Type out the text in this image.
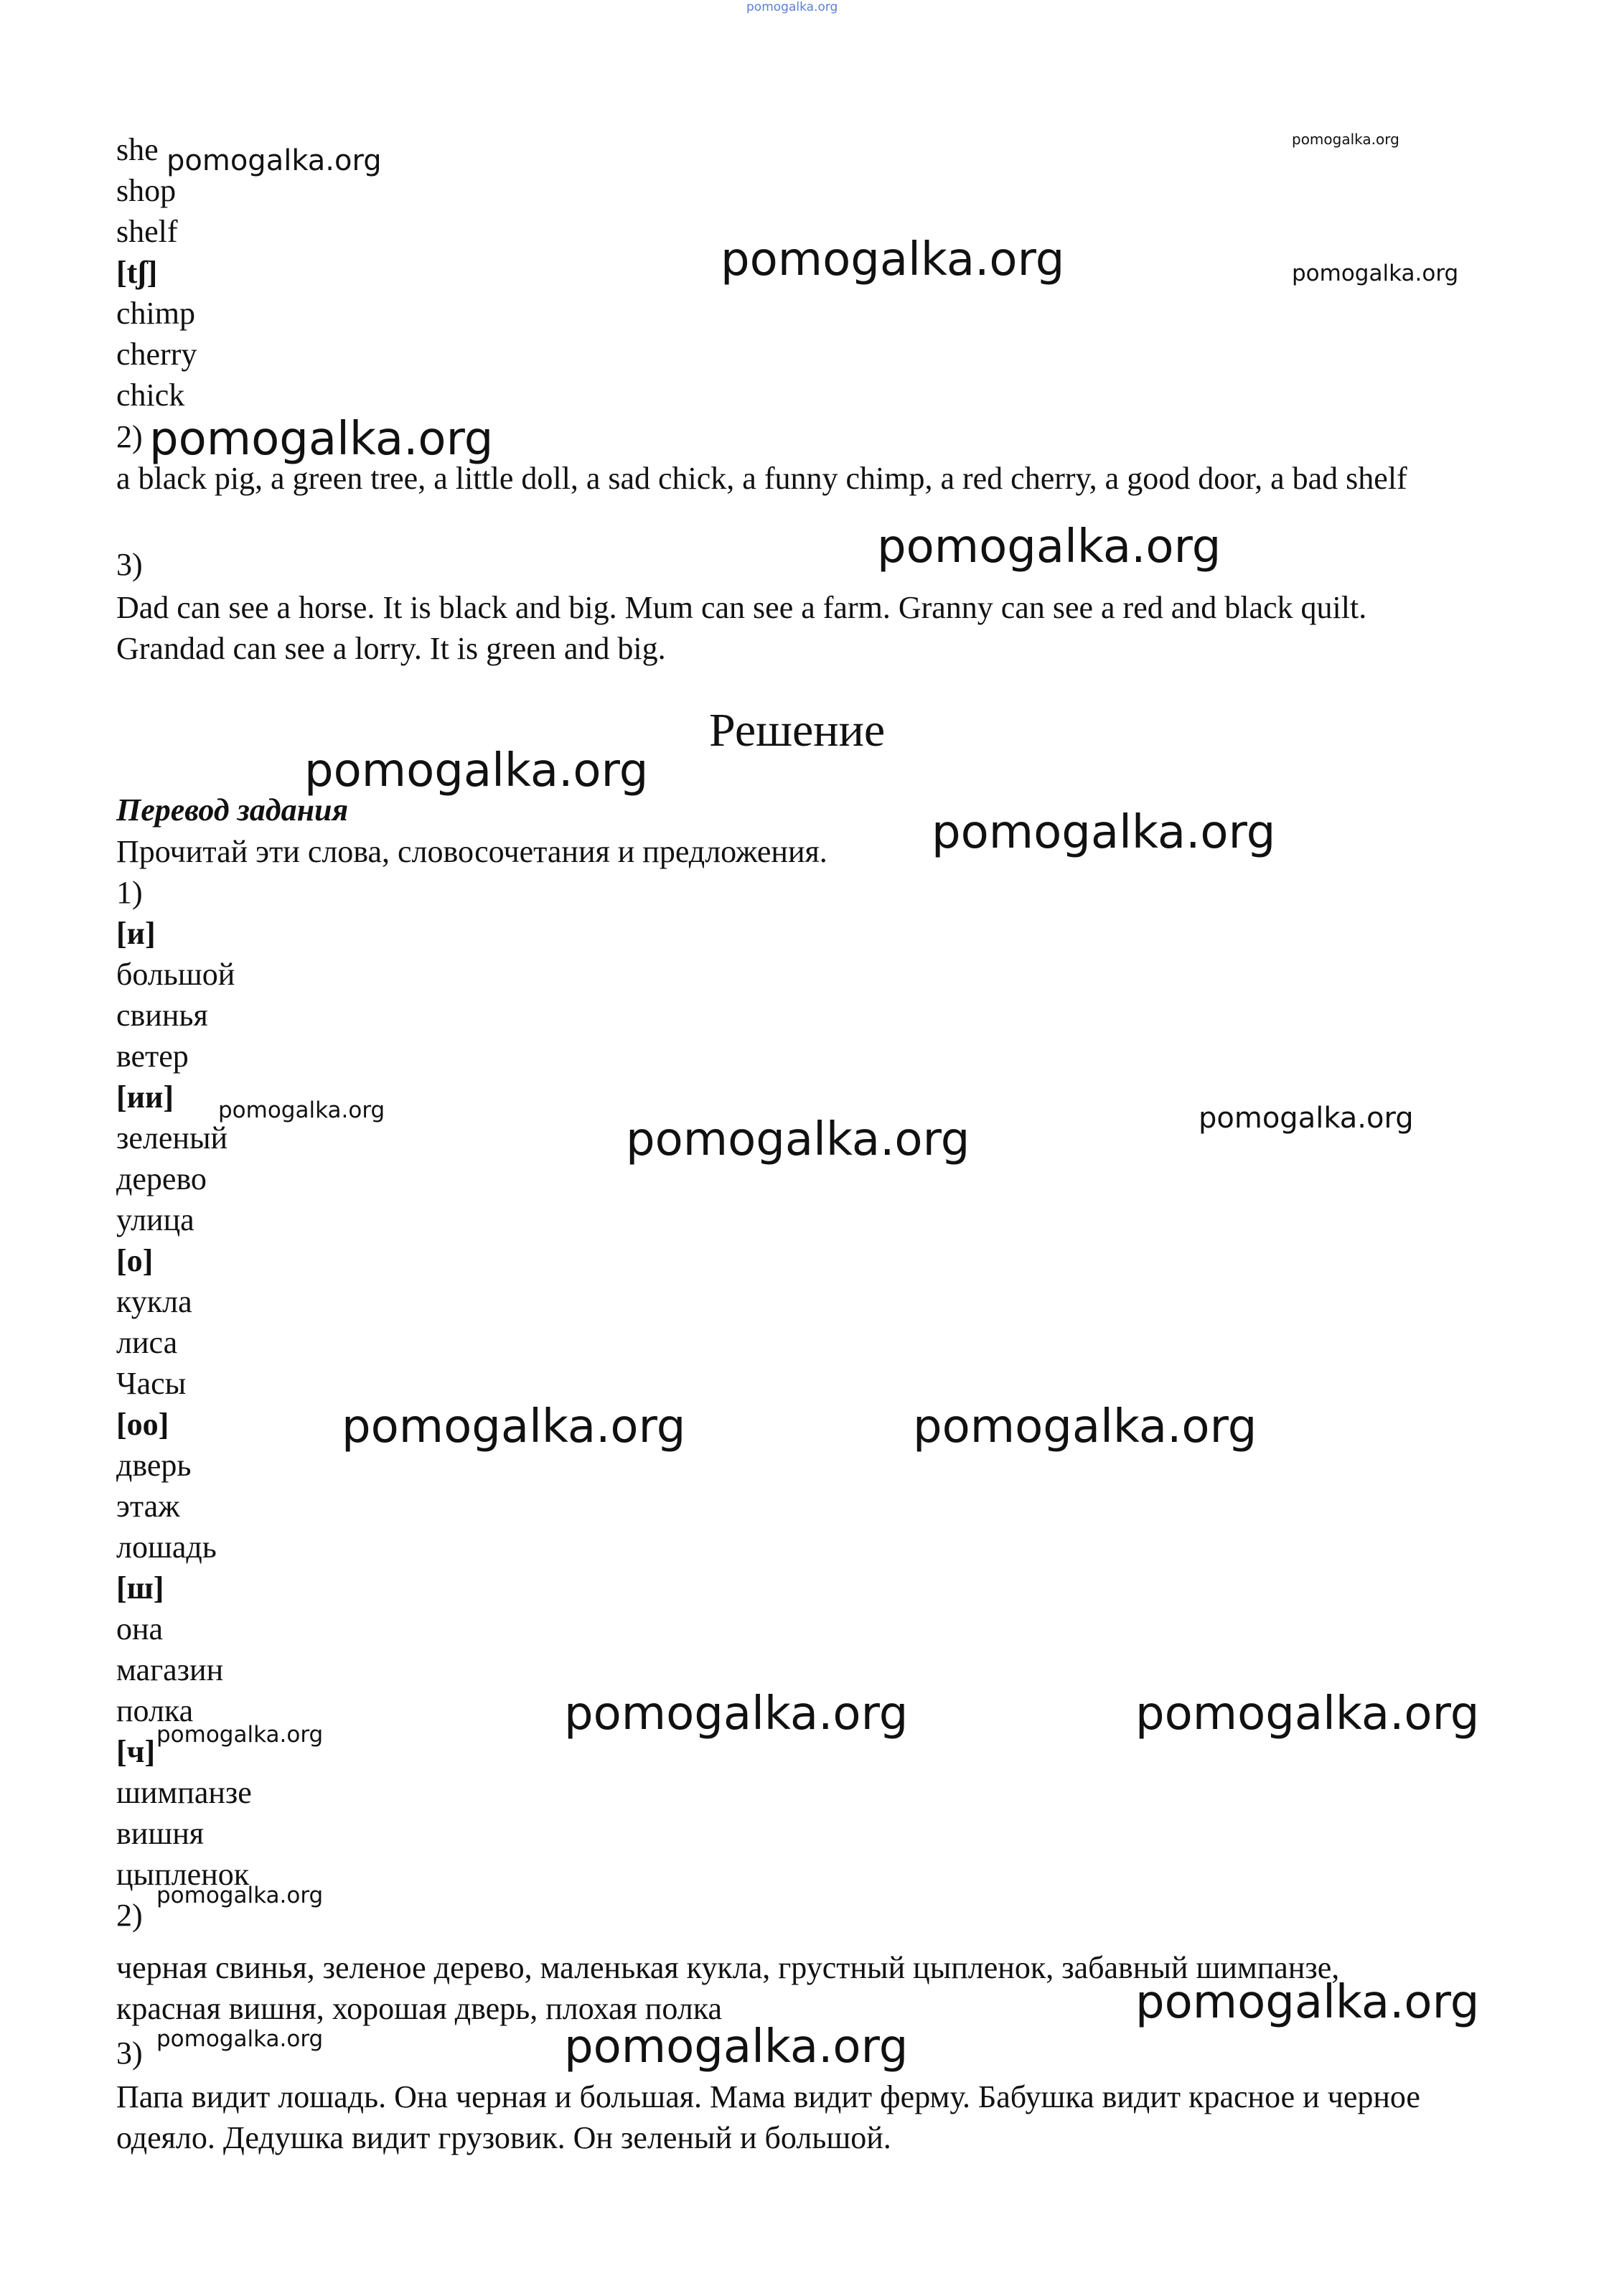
pomogalka.org
she
shop
shelf
[tʃ]
chimp
cherry
chick
2)
a black pig, a green tree, a little doll, a sad chick, a funny chimp, a red cherry, a good door, a bad shelf
3)
Dad can see a horse. It is black and big. Mum can see a farm. Granny can see a red and black quilt. Grandad can see a lorry. It is green and big.
Решение
Перевод задания
Прочитай эти слова, словосочетания и предложения.
1)
[и]
большой
свинья
ветер
[ии]
зеленый
дерево
улица
[о]
кукла
лиса
Часы
[оо]
дверь
этаж
лошадь
[ш]
она
магазин
полка
[ч]
шимпанзе
вишня
цыпленок
2)
черная свинья, зеленое дерево, маленькая кукла, грустный цыпленок, забавный шимпанзе, красная вишня, хорошая дверь, плохая полка
3)
Папа видит лошадь. Она черная и большая. Мама видит ферму. Бабушка видит красное и черное одеяло. Дедушка видит грузовик. Он зеленый и большой.
pomogalka.org
pomogalka.org
pomogalka.org	pomogalka.org
pomogalka.org
pomogalka.org
pomogalka.org
pomogalka.org
pomogalka.org
pomogalka.org	pomogalka.org
pomogalka.org	pomogalka.org
pomogalka.org	pomogalka.org
pomogalka.org
pomogalka.org
pomogalka.org
pomogalka.org	pomogalka.org
